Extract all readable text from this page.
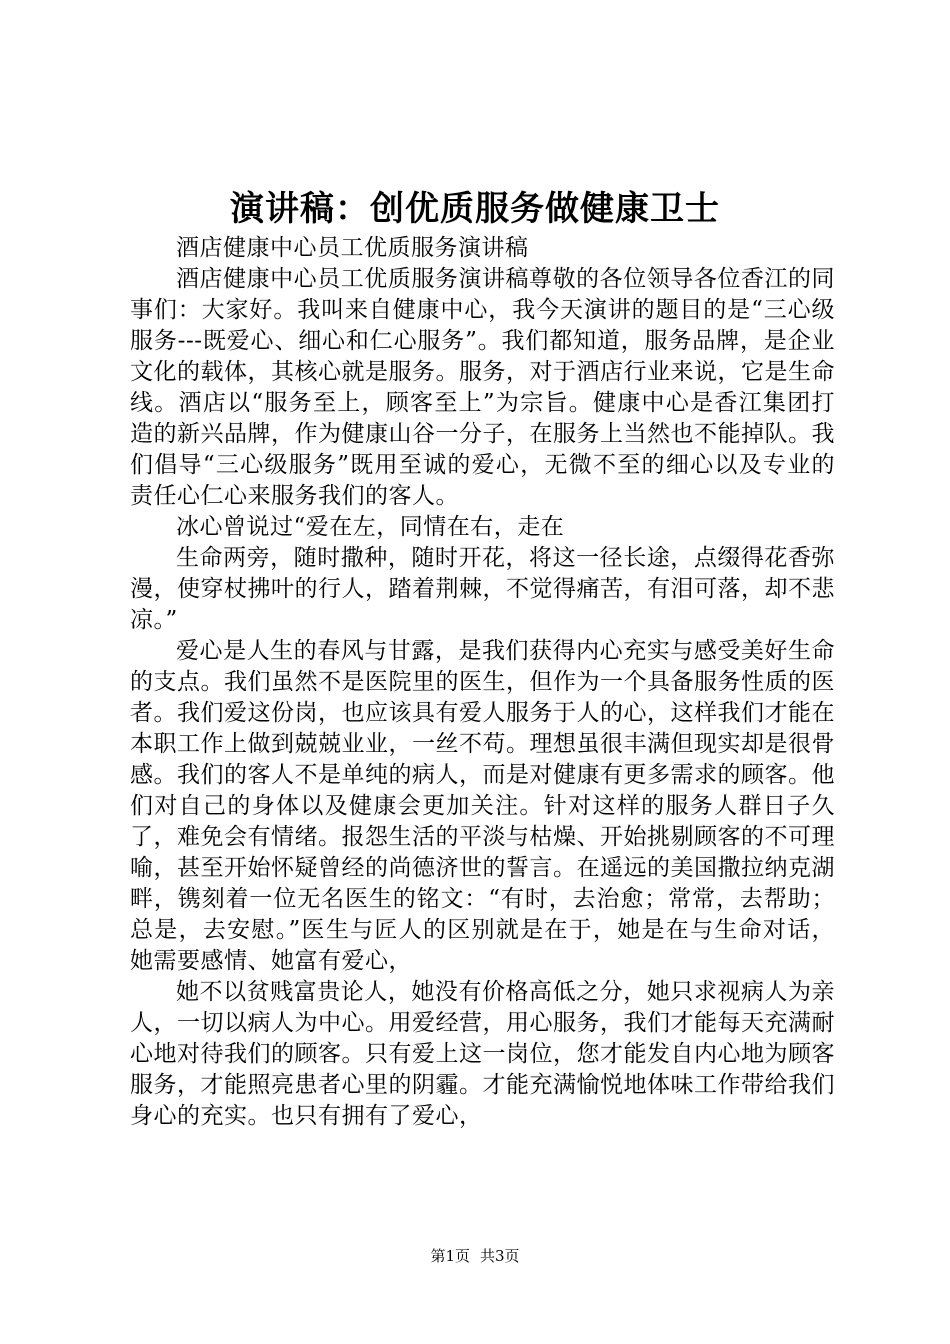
演讲稿：创优质服务做健康卫士

酒店健康中心员工优质服务演讲稿

酒店健康中心员工优质服务演讲稿尊敬的各位领导各位香江的同事们：大家好。我叫来自健康中心，我今天演讲的题目的是“三心级服务---既爱心、细心和仁心服务”。我们都知道，服务品牌，是企业文化的载体，其核心就是服务。服务，对于酒店行业来说，它是生命线。酒店以“服务至上，顾客至上”为宗旨。健康中心是香江集团打造的新兴品牌，作为健康山谷一分子，在服务上当然也不能掉队。我们倡导“三心级服务”既用至诚的爱心，无微不至的细心以及专业的责任心仁心来服务我们的客人。

冰心曾说过“爱在左，同情在右，走在

生命两旁，随时撒种，随时开花，将这一径长途，点缀得花香弥漫，使穿杖拂叶的行人，踏着荆棘，不觉得痛苦，有泪可落，却不悲凉。”

爱心是人生的春风与甘露，是我们获得内心充实与感受美好生命的支点。我们虽然不是医院里的医生，但作为一个具备服务性质的医者。我们爱这份岗，也应该具有爱人服务于人的心，这样我们才能在本职工作上做到兢兢业业，一丝不苟。理想虽很丰满但现实却是很骨感。我们的客人不是单纯的病人，而是对健康有更多需求的顾客。他们对自己的身体以及健康会更加关注。针对这样的服务人群日子久了，难免会有情绪。报怨生活的平淡与枯燥、开始挑剔顾客的不可理喻，甚至开始怀疑曾经的尚德济世的誓言。在遥远的美国撒拉纳克湖畔，镌刻着一位无名医生的铭文：“有时，去治愈；常常，去帮助；总是，去安慰。”医生与匠人的区别就是在于，她是在与生命对话，她需要感情、她富有爱心，

她不以贫贱富贵论人，她没有价格高低之分，她只求视病人为亲人，一切以病人为中心。用爱经营，用心服务，我们才能每天充满耐心地对待我们的顾客。只有爱上这一岗位，您才能发自内心地为顾客服务，才能照亮患者心里的阴霾。才能充满愉悦地体味工作带给我们身心的充实。也只有拥有了爱心，

第1页 共3页
